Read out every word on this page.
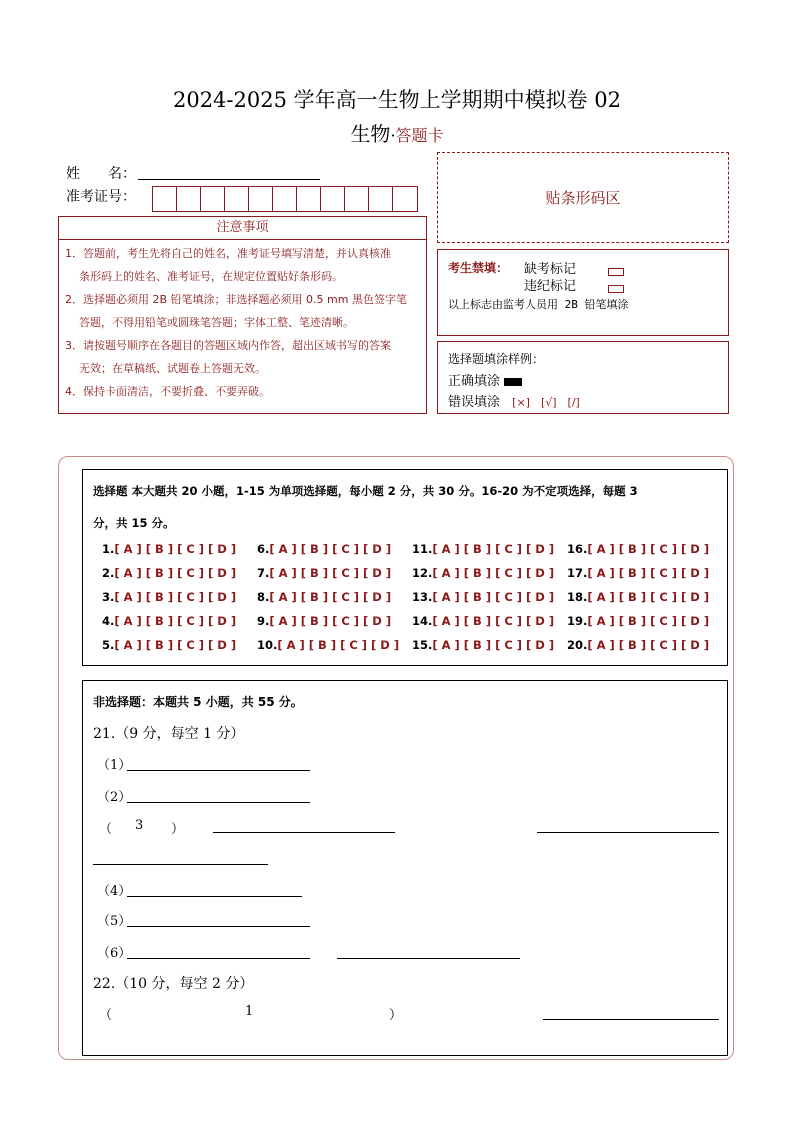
2024-2025 学年高一生物上学期期中模拟卷 02
生物·答题卡
姓　　名：
准考证号：	贴条形码区
注意事项
1．答题前，考生先将自己的姓名，准考证号填写清楚，并认真核准
条形码上的姓名、准考证号，在规定位置贴好条形码。
2．选择题必须用 2B 铅笔填涂；非选择题必须用 0.5 mm 黑色签字笔
答题，不得用铅笔或圆珠笔答题；字体工整、笔迹清晰。
3．请按题号顺序在各题目的答题区域内作答，超出区域书写的答案
无效；在草稿纸、试题卷上答题无效。
4．保持卡面清洁，不要折叠、不要弄破。
考生禁填： 缺考标记
违纪标记
以上标志由监考人员用 2B 铅笔填涂
选择题填涂样例：
正确填涂
错误填涂 [×]　[√]　[/]
选择题 本大题共 20 小题，1-15 为单项选择题，每小题 2 分，共 30 分。16-20 为不定项选择，每题 3
分，共 15 分。
1.[ A ] [ B ] [ C ] [ D ]
2.[ A ] [ B ] [ C ] [ D ]
3.[ A ] [ B ] [ C ] [ D ]
4.[ A ] [ B ] [ C ] [ D ]
5.[ A ] [ B ] [ C ] [ D ]
6.[ A ] [ B ] [ C ] [ D ]
7.[ A ] [ B ] [ C ] [ D ]
8.[ A ] [ B ] [ C ] [ D ]
9.[ A ] [ B ] [ C ] [ D ]
10.[ A ] [ B ] [ C ] [ D ]
11.[ A ] [ B ] [ C ] [ D ]
12.[ A ] [ B ] [ C ] [ D ]
13.[ A ] [ B ] [ C ] [ D ]
14.[ A ] [ B ] [ C ] [ D ]
15.[ A ] [ B ] [ C ] [ D ]
16.[ A ] [ B ] [ C ] [ D ]
17.[ A ] [ B ] [ C ] [ D ]
18.[ A ] [ B ] [ C ] [ D ]
19.[ A ] [ B ] [ C ] [ D ]
20.[ A ] [ B ] [ C ] [ D ]
非选择题：本题共 5 小题，共 55 分。
21.（9 分，每空 1 分）
（1）
（2）
（ 3 ）
（4）
（5）
（6）
22.（10 分，每空 2 分）
（	1	）
